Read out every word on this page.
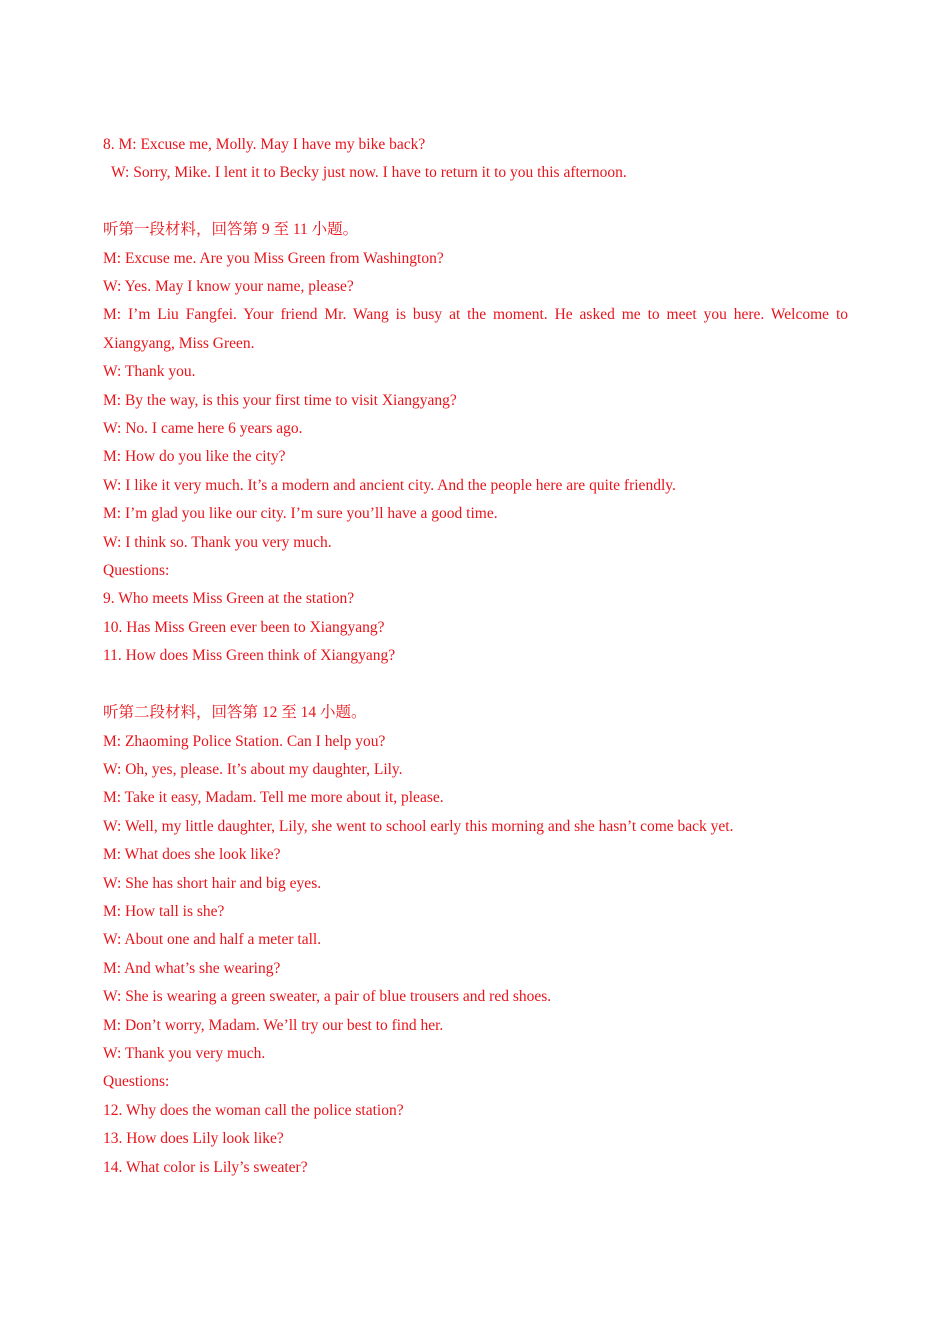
8. M: Excuse me, Molly. May I have my bike back?
W: Sorry, Mike. I lent it to Becky just now. I have to return it to you this afternoon.
听第一段材料，回答第 9 至 11 小题。
M: Excuse me. Are you Miss Green from Washington?
W: Yes. May I know your name, please?
M: I’m Liu Fangfei. Your friend Mr. Wang is busy at the moment. He asked me to meet you here. Welcome to Xiangyang, Miss Green.
W: Thank you.
M: By the way, is this your first time to visit Xiangyang?
W: No. I came here 6 years ago.
M: How do you like the city?
W: I like it very much. It’s a modern and ancient city. And the people here are quite friendly.
M: I’m glad you like our city. I’m sure you’ll have a good time.
W: I think so. Thank you very much.
Questions:
9. Who meets Miss Green at the station?
10. Has Miss Green ever been to Xiangyang?
11. How does Miss Green think of Xiangyang?
听第二段材料，回答第 12 至 14 小题。
M: Zhaoming Police Station. Can I help you?
W: Oh, yes, please. It’s about my daughter, Lily.
M: Take it easy, Madam. Tell me more about it, please.
W: Well, my little daughter, Lily, she went to school early this morning and she hasn’t come back yet.
M: What does she look like?
W: She has short hair and big eyes.
M: How tall is she?
W: About one and half a meter tall.
M: And what’s she wearing?
W: She is wearing a green sweater, a pair of blue trousers and red shoes.
M: Don’t worry, Madam. We’ll try our best to find her.
W: Thank you very much.
Questions:
12. Why does the woman call the police station?
13. How does Lily look like?
14. What color is Lily’s sweater?
